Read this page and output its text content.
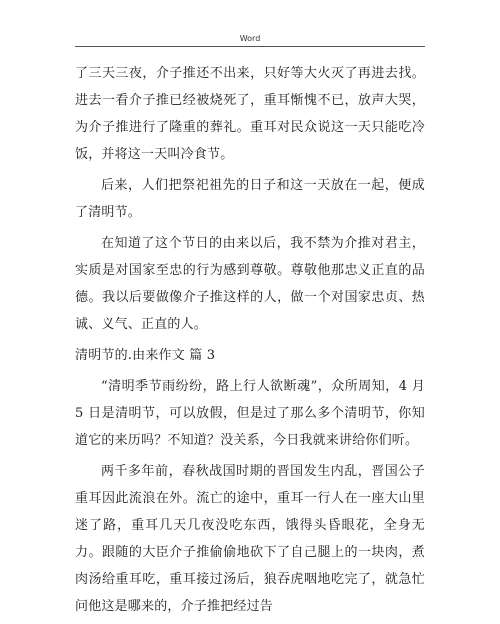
Word

了三天三夜，介子推还不出来，只好等大火灭了再进去找。进去一看介子推已经被烧死了，重耳惭愧不已，放声大哭，为介子推进行了隆重的葬礼。重耳对民众说这一天只能吃冷饭，并将这一天叫冷食节。

后来，人们把祭祀祖先的日子和这一天放在一起，便成了清明节。

在知道了这个节日的由来以后，我不禁为介推对君主，实质是对国家至忠的行为感到尊敬。尊敬他那忠义正直的品德。我以后要做像介子推这样的人，做一个对国家忠贞、热诚、义气、正直的人。

清明节的.由来作文 篇 3

“清明季节雨纷纷，路上行人欲断魂”，众所周知，4 月 5 日是清明节，可以放假，但是过了那么多个清明节，你知道它的来历吗？不知道？没关系，今日我就来讲给你们听。

两千多年前，春秋战国时期的晋国发生内乱，晋国公子重耳因此流浪在外。流亡的途中，重耳一行人在一座大山里迷了路，重耳几天几夜没吃东西，饿得头昏眼花，全身无力。跟随的大臣介子推偷偷地砍下了自己腿上的一块肉，煮肉汤给重耳吃，重耳接过汤后，狼吞虎咽地吃完了，就急忙问他这是哪来的，介子推把经过告
